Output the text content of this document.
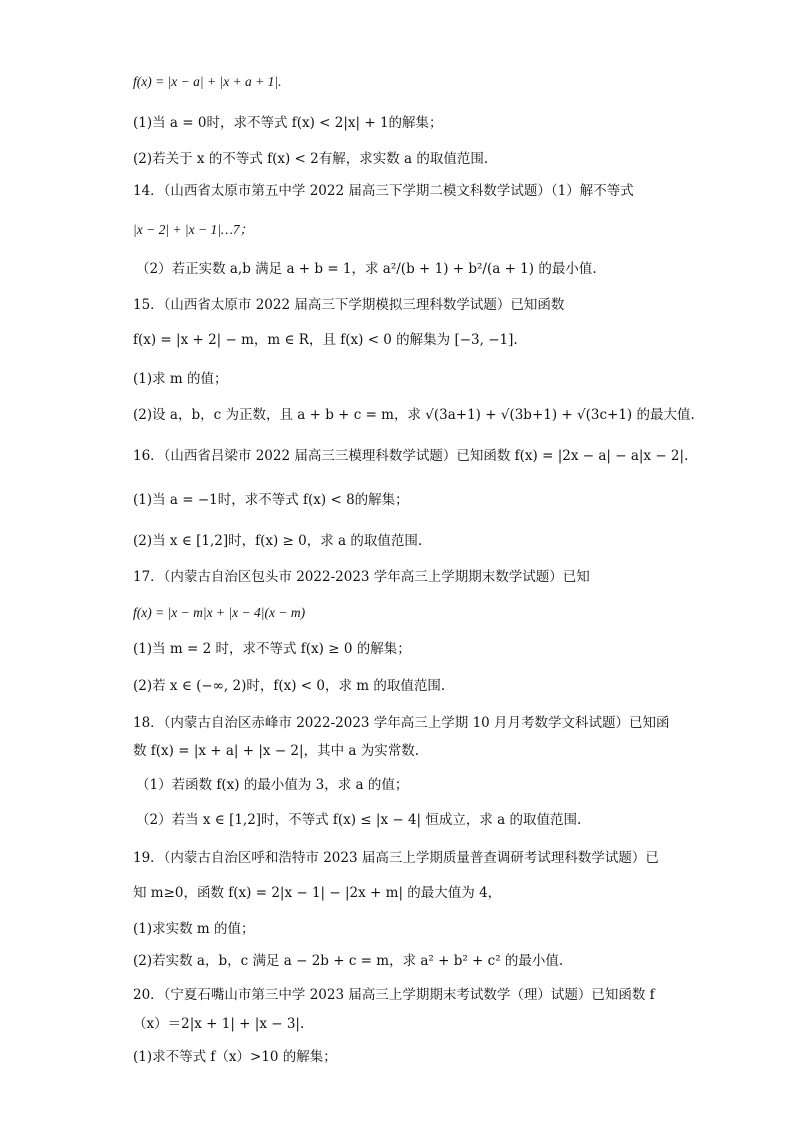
f(x) = |x − a| + |x + a + 1|.
(1)当 a = 0时，求不等式 f(x) < 2|x| + 1的解集；
(2)若关于 x 的不等式 f(x) < 2有解，求实数 a 的取值范围.
14．（山西省太原市第五中学 2022 届高三下学期二模文科数学试题）（1）解不等式
|x − 2| + |x − 1|…7；
（2）若正实数 a,b 满足 a + b = 1，求 a²/(b + 1) + b²/(a + 1) 的最小值.
15．（山西省太原市 2022 届高三下学期模拟三理科数学试题）已知函数
f(x) = |x + 2| − m，m ∈ R，且 f(x) < 0 的解集为 [−3, −1].
(1)求 m 的值；
(2)设 a，b，c 为正数，且 a + b + c = m，求 √(3a+1) + √(3b+1) + √(3c+1) 的最大值.
16．（山西省吕梁市 2022 届高三三模理科数学试题）已知函数 f(x) = |2x − a| − a|x − 2|.
(1)当 a = −1时，求不等式 f(x) < 8的解集；
(2)当 x ∈ [1,2]时，f(x) ≥ 0，求 a 的取值范围.
17．（内蒙古自治区包头市 2022-2023 学年高三上学期期末数学试题）已知
f(x) = |x − m|x + |x − 4|(x − m)
(1)当 m = 2 时，求不等式 f(x) ≥ 0 的解集；
(2)若 x ∈ (−∞, 2)时，f(x) < 0，求 m 的取值范围.
18．（内蒙古自治区赤峰市 2022-2023 学年高三上学期 10 月月考数学文科试题）已知函
数 f(x) = |x + a| + |x − 2|，其中 a 为实常数.
（1）若函数 f(x) 的最小值为 3，求 a 的值；
（2）若当 x ∈ [1,2]时，不等式 f(x) ≤ |x − 4| 恒成立，求 a 的取值范围.
19．（内蒙古自治区呼和浩特市 2023 届高三上学期质量普查调研考试理科数学试题）已
知 m≥0，函数 f(x) = 2|x − 1| − |2x + m| 的最大值为 4，
(1)求实数 m 的值；
(2)若实数 a，b，c 满足 a − 2b + c = m，求 a² + b² + c² 的最小值.
20．（宁夏石嘴山市第三中学 2023 届高三上学期期末考试数学（理）试题）已知函数 f
（x）＝2|x + 1| + |x − 3|.
(1)求不等式 f（x）>10 的解集；
